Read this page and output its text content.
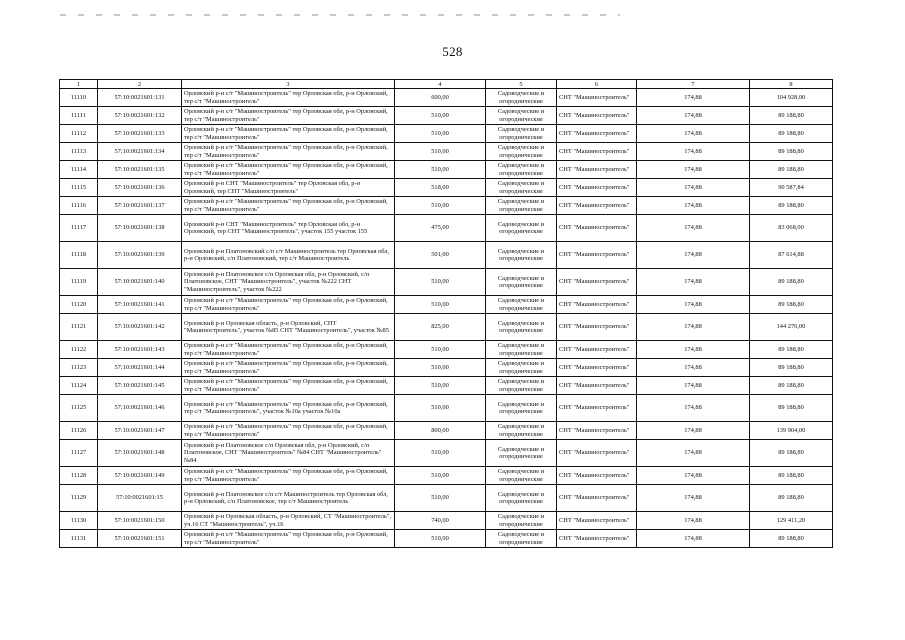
528
1	2	3	4	5	6	7	8
11110	57:10:0021601:131	Орловский р-н с/т "Машиностроитель" тер Орловская обл, р-н Орловский, тер с/т "Машиностроитель"	600,00	Садоводческие и огороднические	СНТ "Машиностроитель"	174,88	104 928,00
11111	57:10:0021601:132	Орловский р-н с/т "Машиностроитель" тер Орловская обл, р-н Орловский, тер с/т "Машиностроитель"	510,00	Садоводческие и огороднические	СНТ "Машиностроитель"	174,88	89 188,80
11112	57:10:0021601:133	Орловский р-н с/т "Машиностроитель" тер Орловская обл, р-н Орловский, тер с/т "Машиностроитель"	510,00	Садоводческие и огороднические	СНТ "Машиностроитель"	174,88	89 188,80
11113	57:10:0021601:134	Орловский р-н с/т "Машиностроитель" тер Орловская обл, р-н Орловский, тер с/т "Машиностроитель"	510,00	Садоводческие и огороднические	СНТ "Машиностроитель"	174,88	89 188,80
11114	57:10:0021601:135	Орловский р-н с/т "Машиностроитель" тер Орловская обл, р-н Орловский, тер с/т "Машиностроитель"	510,00	Садоводческие и огороднические	СНТ "Машиностроитель"	174,88	89 188,80
11115	57:10:0021601:136	Орловский р-н СНТ "Машиностроитель" тер Орловская обл, р-н Орловский, тер СНТ "Машиностроитель"	518,00	Садоводческие и огороднические	СНТ "Машиностроитель"	174,88	90 587,84
11116	57:10:0021601:137	Орловский р-н с/т "Машиностроитель" тер Орловская обл, р-н Орловский, тер с/т "Машиностроитель"	510,00	Садоводческие и огороднические	СНТ "Машиностроитель"	174,88	89 188,80
11117	57:10:0021601:138	Орловский р-н СНТ "Машиностроитель" тер Орловская обл, р-н Орловский, тер СНТ "Машиностроитель", участок 155 участок 155	475,00	Садоводческие и огороднические	СНТ "Машиностроитель"	174,88	83 068,00
11118	57:10:0021601:139	Орловский р-н Платоновский с/п с/т Машиностроитель тер Орловская обл, р-н Орловский, с/п Платоновский, тер с/т Машиностроитель	501,00	Садоводческие и огороднические	СНТ "Машиностроитель"	174,88	87 614,88
11119	57:10:0021601:140	Орловский р-н Платоновское с/п Орловская обл, р-н Орловский, с/п Платоновское, СНТ "Машиностроитель", участок №222 СНТ "Машиностроитель", участок №222	510,00	Садоводческие и огороднические	СНТ "Машиностроитель"	174,88	89 188,80
11120	57:10:0021601:141	Орловский р-н с/т "Машиностроитель" тер Орловская обл, р-н Орловский, тер с/т "Машиностроитель"	510,00	Садоводческие и огороднические	СНТ "Машиностроитель"	174,88	89 188,80
11121	57:10:0021601:142	Орловский р-н Орловская область, р-н Орловский, СНТ "Машиностроитель", участок №85 СНТ "Машиностроитель", участок №85	825,00	Садоводческие и огороднические	СНТ "Машиностроитель"	174,88	144 276,00
11122	57:10:0021601:143	Орловский р-н с/т "Машиностроитель" тер Орловская обл, р-н Орловский, тер с/т "Машиностроитель"	510,00	Садоводческие и огороднические	СНТ "Машиностроитель"	174,88	89 188,80
11123	57:10:0021601:144	Орловский р-н с/т "Машиностроитель" тер Орловская обл, р-н Орловский, тер с/т "Машиностроитель"	510,00	Садоводческие и огороднические	СНТ "Машиностроитель"	174,88	89 188,80
11124	57:10:0021601:145	Орловский р-н с/т "Машиностроитель" тер Орловская обл, р-н Орловский, тер с/т "Машиностроитель"	510,00	Садоводческие и огороднические	СНТ "Машиностроитель"	174,88	89 188,80
11125	57:10:0021601:146	Орловский р-н с/т "Машиностроитель" тер Орловская обл, р-н Орловский, тер с/т "Машиностроитель", участок №10а участок №10а	510,00	Садоводческие и огороднические	СНТ "Машиностроитель"	174,88	89 188,80
11126	57:10:0021601:147	Орловский р-н с/т "Машиностроитель" тер Орловская обл, р-н Орловский, тер с/т "Машиностроитель"	800,00	Садоводческие и огороднические	СНТ "Машиностроитель"	174,88	139 904,00
11127	57:10:0021601:148	Орловский р-н Платоновское с/п Орловская обл, р-н Орловский, с/п Платоновское, СНТ "Машиностроитель" №84 СНТ "Машиностроитель" №84	510,00	Садоводческие и огороднические	СНТ "Машиностроитель"	174,88	89 188,80
11128	57:10:0021601:149	Орловский р-н с/т "Машиностроитель" тер Орловская обл, р-н Орловский, тер с/т "Машиностроитель"	510,00	Садоводческие и огороднические	СНТ "Машиностроитель"	174,88	89 188,80
11129	57:10:0021601:15	Орловский р-н Платоновское с/п с/т Машиностроитель тер Орловская обл, р-н Орловский, с/п Платоновское, тер с/т Машиностроитель	510,00	Садоводческие и огороднические	СНТ "Машиностроитель"	174,88	89 188,80
11130	57:10:0021601:150	Орловский р-н Орловская область, р-н Орловский, СТ "Машиностроитель", уч.16 СТ "Машиностроитель", уч.16	740,00	Садоводческие и огороднические	СНТ "Машиностроитель"	174,88	129 411,20
11131	57:10:0021601:151	Орловский р-н с/т "Машиностроитель" тер Орловская обл, р-н Орловский, тер с/т "Машиностроитель"	510,00	Садоводческие и огороднические	СНТ "Машиностроитель"	174,88	89 188,80
